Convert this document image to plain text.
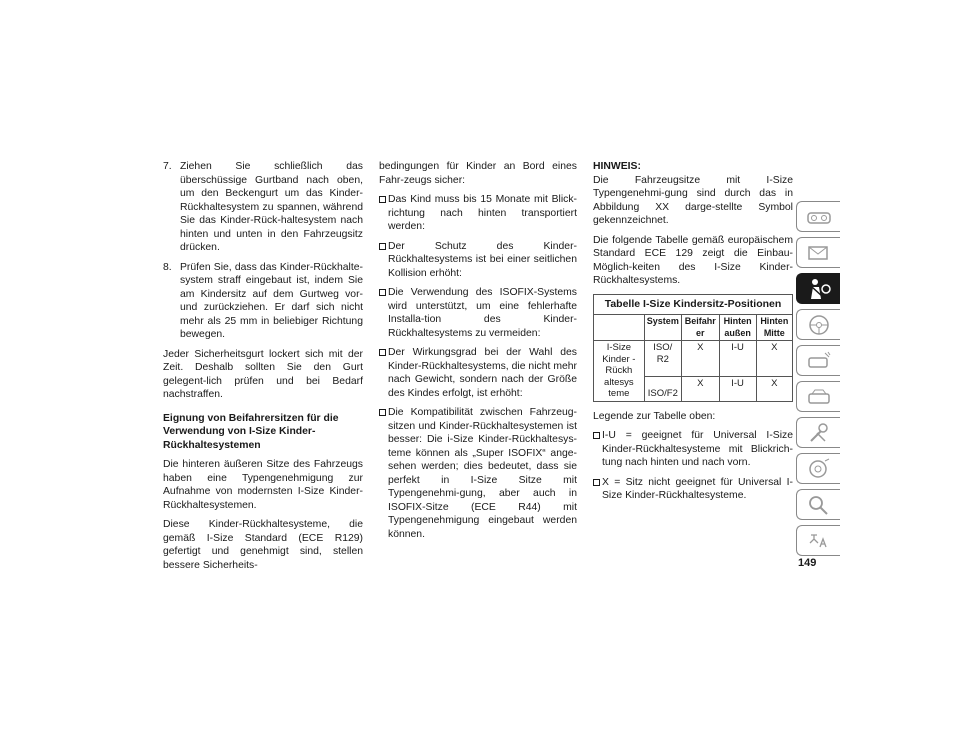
7. Ziehen Sie schließlich das überschüssige Gurtband nach oben, um den Beckengurt um das Kinder-Rückhaltesystem zu spannen, während Sie das Kinder-Rück-haltesystem nach hinten und unten in den Fahrzeugsitz drücken.
8. Prüfen Sie, dass das Kinder-Rückhalte-system straff eingebaut ist, indem Sie am Kindersitz auf dem Gurtweg vor- und zurückziehen. Er darf sich nicht mehr als 25 mm in beliebiger Richtung bewegen.

Jeder Sicherheitsgurt lockert sich mit der Zeit. Deshalb sollten Sie den Gurt gelegent-lich prüfen und bei Bedarf nachstraffen.

Eignung von Beifahrersitzen für die Verwendung von I-Size Kinder-Rückhaltesystemen

Die hinteren äußeren Sitze des Fahrzeugs haben eine Typengenehmigung zur Aufnahme von modernsten I-Size Kinder-Rückhaltesystemen.

Diese Kinder-Rückhaltesysteme, die gemäß I-Size Standard (ECE R129) gefertigt und genehmigt sind, stellen bessere Sicherheits-

bedingungen für Kinder an Bord eines Fahr-zeugs sicher:

Das Kind muss bis 15 Monate mit Blick-richtung nach hinten transportiert werden:
Der Schutz des Kinder-Rückhaltesystems ist bei einer seitlichen Kollision erhöht:
Die Verwendung des ISOFIX-Systems wird unterstützt, um eine fehlerhafte Installa-tion des Kinder-Rückhaltesystems zu vermeiden:
Der Wirkungsgrad bei der Wahl des Kinder-Rückhaltesystems, die nicht mehr nach Gewicht, sondern nach der Größe des Kindes erfolgt, ist erhöht:
Die Kompatibilität zwischen Fahrzeug-sitzen und Kinder-Rückhaltesystemen ist besser: Die i-Size Kinder-Rückhaltesys-teme können als „Super ISOFIX“ ange-sehen werden; dies bedeutet, dass sie perfekt in I-Size Sitze mit Typengenehmi-gung, aber auch in ISOFIX-Sitze (ECE R44) mit Typengenehmigung eingebaut werden können.
HINWEIS:

Die Fahrzeugsitze mit I-Size Typengenehmi-gung sind durch das in Abbildung XX darge-stellte Symbol gekennzeichnet.

Die folgende Tabelle gemäß europäischem Standard ECE 129 zeigt die Einbau-Möglich-keiten des I-Size Kinder-Rückhaltesystems.

Tabelle I-Size Kindersitz-Positionen				
	System	Beifahr er	Hinten außen	Hinten Mitte
I-Size Kinder -Rückh altesys teme	ISO/ R2	X	I-U	X
	ISO/F2	X	I-U	X

Legende zur Tabelle oben:

I-U = geeignet für Universal I-Size Kinder-Rückhaltesysteme mit Blickrich-tung nach hinten und nach vorn.
X = Sitz nicht geeignet für Universal I-Size Kinder-Rückhaltesysteme.
149
